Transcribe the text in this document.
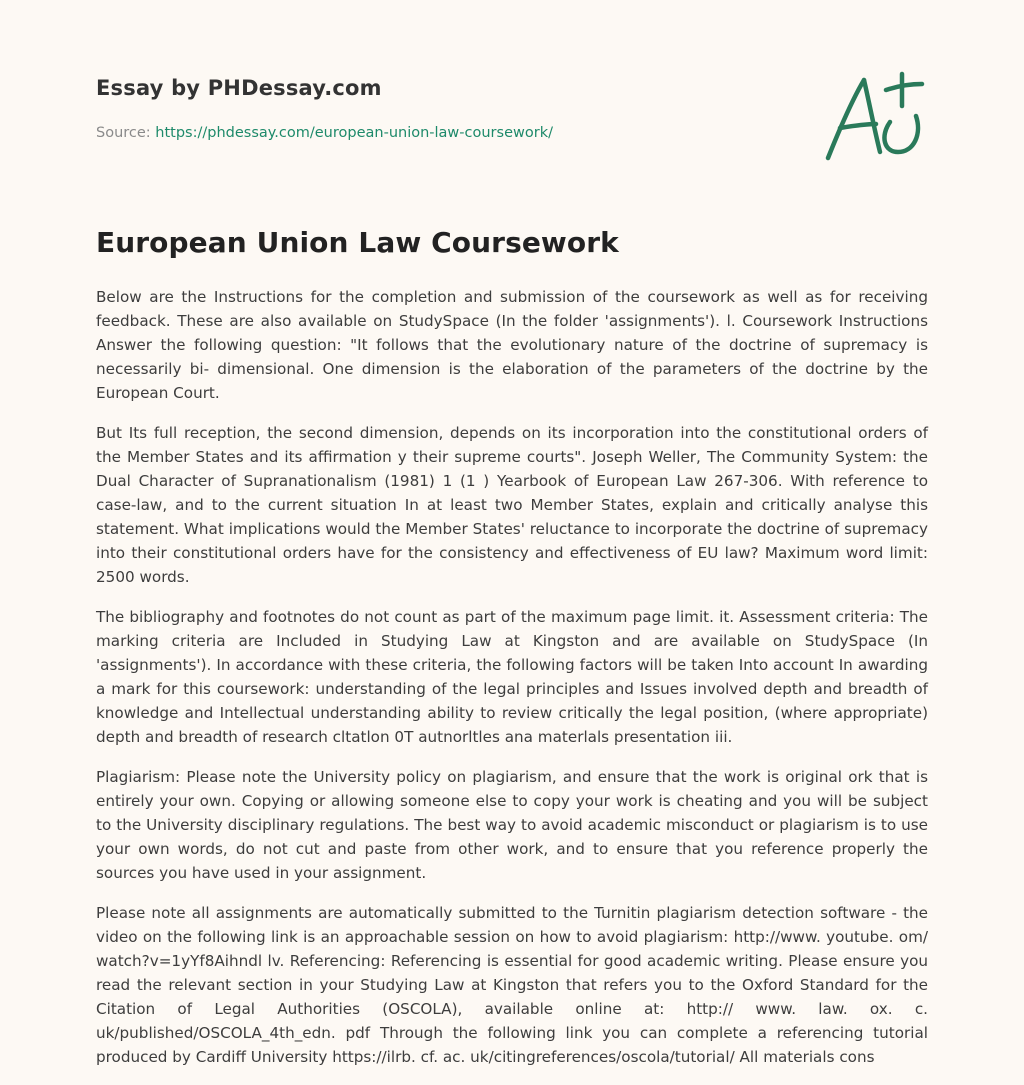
Essay by PHDessay.com
Source: https://phdessay.com/european-union-law-coursework/
European Union Law Coursework

Below are the Instructions for the completion and submission of the coursework as well as for receiving feedback. These are also available on StudySpace (In the folder 'assignments'). l. Coursework Instructions Answer the following question: "It follows that the evolutionary nature of the doctrine of supremacy is necessarily bi- dimensional. One dimension is the elaboration of the parameters of the doctrine by the European Court.

But Its full reception, the second dimension, depends on its incorporation into the constitutional orders of the Member States and its affirmation y their supreme courts". Joseph Weller, The Community System: the Dual Character of Supranationalism (1981) 1 (1 ) Yearbook of European Law 267-306. With reference to case-law, and to the current situation In at least two Member States, explain and critically analyse this statement. What implications would the Member States' reluctance to incorporate the doctrine of supremacy into their constitutional orders have for the consistency and effectiveness of EU law? Maximum word limit: 2500 words.

The bibliography and footnotes do not count as part of the maximum page limit. it. Assessment criteria: The marking criteria are Included in Studying Law at Kingston and are available on StudySpace (In 'assignments'). In accordance with these criteria, the following factors will be taken Into account In awarding a mark for this coursework: understanding of the legal principles and Issues involved depth and breadth of knowledge and Intellectual understanding ability to review critically the legal position, (where appropriate) depth and breadth of research cltatlon 0T autnorltles ana materlals presentation iii.

Plagiarism: Please note the University policy on plagiarism, and ensure that the work is original ork that is entirely your own. Copying or allowing someone else to copy your work is cheating and you will be subject to the University disciplinary regulations. The best way to avoid academic misconduct or plagiarism is to use your own words, do not cut and paste from other work, and to ensure that you reference properly the sources you have used in your assignment.

Please note all assignments are automatically submitted to the Turnitin plagiarism detection software - the video on the following link is an approachable session on how to avoid plagiarism: http://www. youtube. om/ watch?v=1yYf8Aihndl lv. Referencing: Referencing is essential for good academic writing. Please ensure you read the relevant section in your Studying Law at Kingston that refers you to the Oxford Standard for the Citation of Legal Authorities (OSCOLA), available online at: http:// www. law. ox. c. uk/published/OSCOLA_4th_edn. pdf Through the following link you can complete a referencing tutorial produced by Cardiff University https://ilrb. cf. ac. uk/citingreferences/oscola/tutorial/ All materials cons
